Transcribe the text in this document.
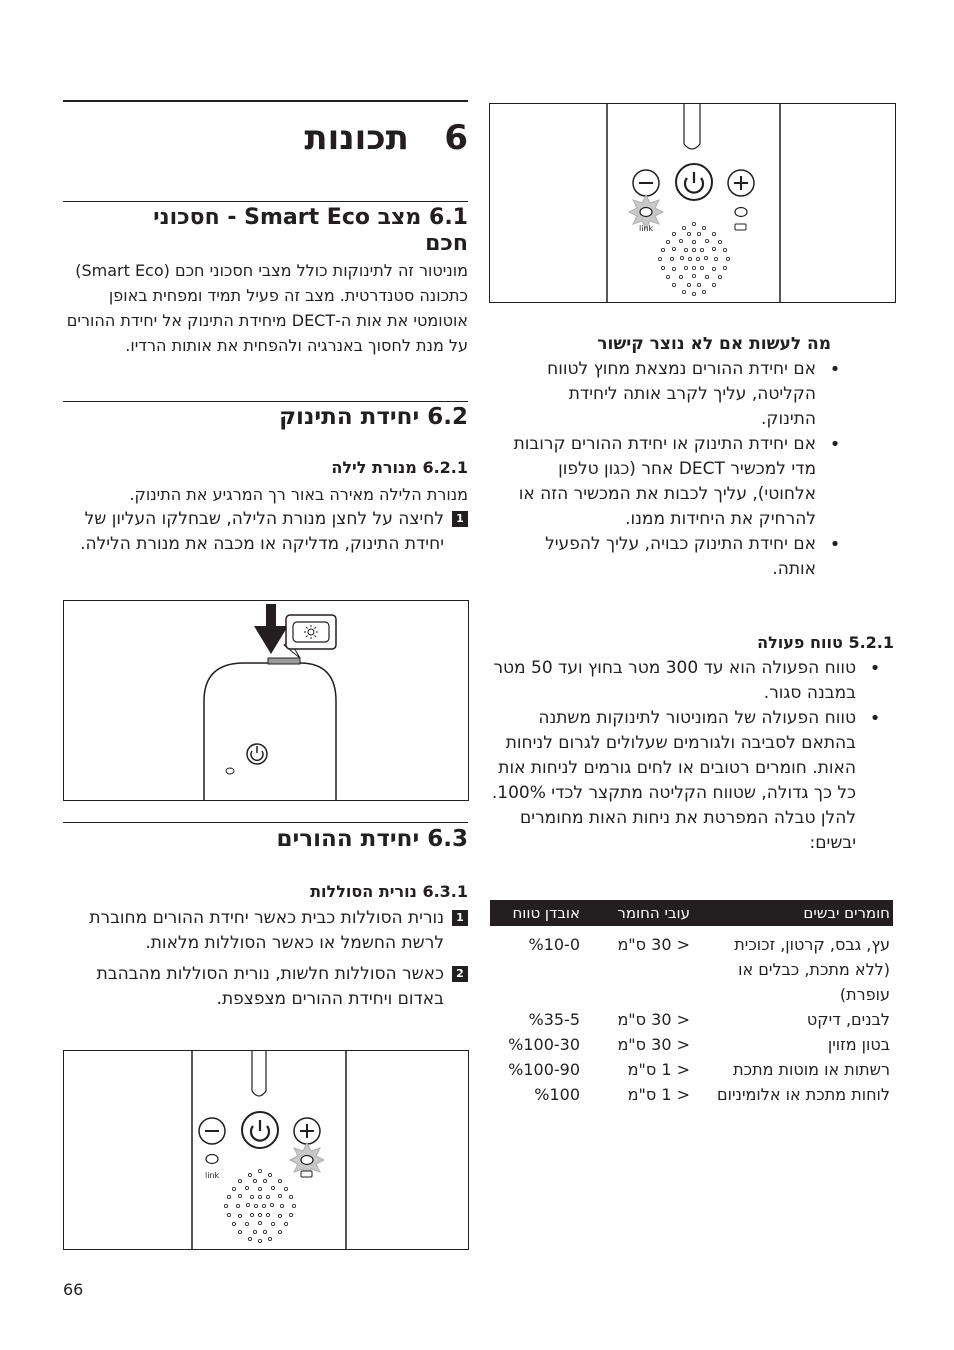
6   תכונות
6.1 מצב Smart Eco - חסכוני
חכם
מוניטור זה לתינוקות כולל מצבי חסכוני חכם (Smart Eco) כתכונה סטנדרטית. מצב זה פעיל תמיד ומפחית באופן אוטומטי את אות ה-DECT מיחידת התינוק אל יחידת ההורים על מנת לחסוך באנרגיה ולהפחית את אותות הרדיו.
6.2 יחידת התינוק
6.2.1 מנורת לילה
מנורת הלילה מאירה באור רך המרגיע את התינוק.
1
לחיצה על לחצן מנורת הלילה, שבחלקו העליון של יחידת התינוק, מדליקה או מכבה את מנורת הלילה.
6.3 יחידת ההורים
6.3.1 נורית הסוללות
1
נורית הסוללות כבית כאשר יחידת ההורים מחוברת לרשת החשמל או כאשר הסוללות מלאות.
2
כאשר הסוללות חלשות, נורית הסוללות מהבהבת באדום ויחידת ההורים מצפצפת.
link
66
link
מה לעשות אם לא נוצר קישור
•
אם יחידת ההורים נמצאת מחוץ לטווח הקליטה, עליך לקרב אותה ליחידת התינוק.
•
אם יחידת התינוק או יחידת ההורים קרובות מדי למכשיר DECT אחר (כגון טלפון אלחוטי), עליך לכבות את המכשיר הזה או להרחיק את היחידות ממנו.
•
אם יחידת התינוק כבויה, עליך להפעיל אותה.
5.2.1 טווח פעולה
•
טווח הפעולה הוא עד 300 מטר בחוץ ועד 50 מטר במבנה סגור.
•
טווח הפעולה של המוניטור לתינוקות משתנה בהתאם לסביבה ולגורמים שעלולים לגרום לניחות האות. חומרים רטובים או לחים גורמים לניחות אות כל כך גדולה, שטווח הקליטה מתקצר לכדי 100%. להלן טבלה המפרטת את ניחות האות מחומרים יבשים:
חומרים יבשים	עובי החומר	אובדן טווח
עץ, גבס, קרטון, זכוכית (ללא מתכת, כבלים או עופרת)	< 30 ס"מ	%10-0
לבנים, דיקט	< 30 ס"מ	%35-5
בטון מזוין	< 30 ס"מ	%100-30
רשתות או מוטות מתכת	< 1 ס"מ	%100-90
לוחות מתכת או אלומיניום	< 1 ס"מ	%100
